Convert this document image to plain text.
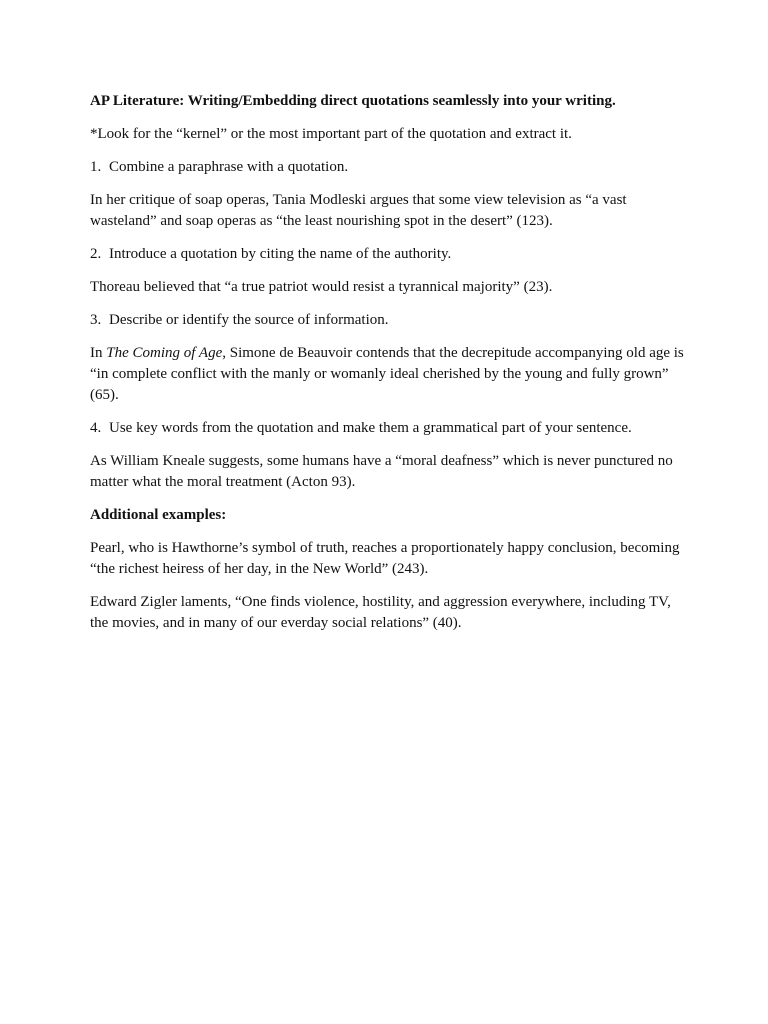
AP Literature: Writing/Embedding direct quotations seamlessly into your writing.

*Look for the “kernel” or the most important part of the quotation and extract it.

1. Combine a paraphrase with a quotation.

In her critique of soap operas, Tania Modleski argues that some view television as “a vast wasteland” and soap operas as “the least nourishing spot in the desert” (123).

2. Introduce a quotation by citing the name of the authority.

Thoreau believed that “a true patriot would resist a tyrannical majority” (23).

3. Describe or identify the source of information.

In The Coming of Age, Simone de Beauvoir contends that the decrepitude accompanying old age is “in complete conflict with the manly or womanly ideal cherished by the young and fully grown” (65).

4. Use key words from the quotation and make them a grammatical part of your sentence.

As William Kneale suggests, some humans have a “moral deafness” which is never punctured no matter what the moral treatment (Acton 93).

Additional examples:

Pearl, who is Hawthorne’s symbol of truth, reaches a proportionately happy conclusion, becoming “the richest heiress of her day, in the New World” (243).

Edward Zigler laments, “One finds violence, hostility, and aggression everywhere, including TV, the movies, and in many of our everday social relations” (40).
